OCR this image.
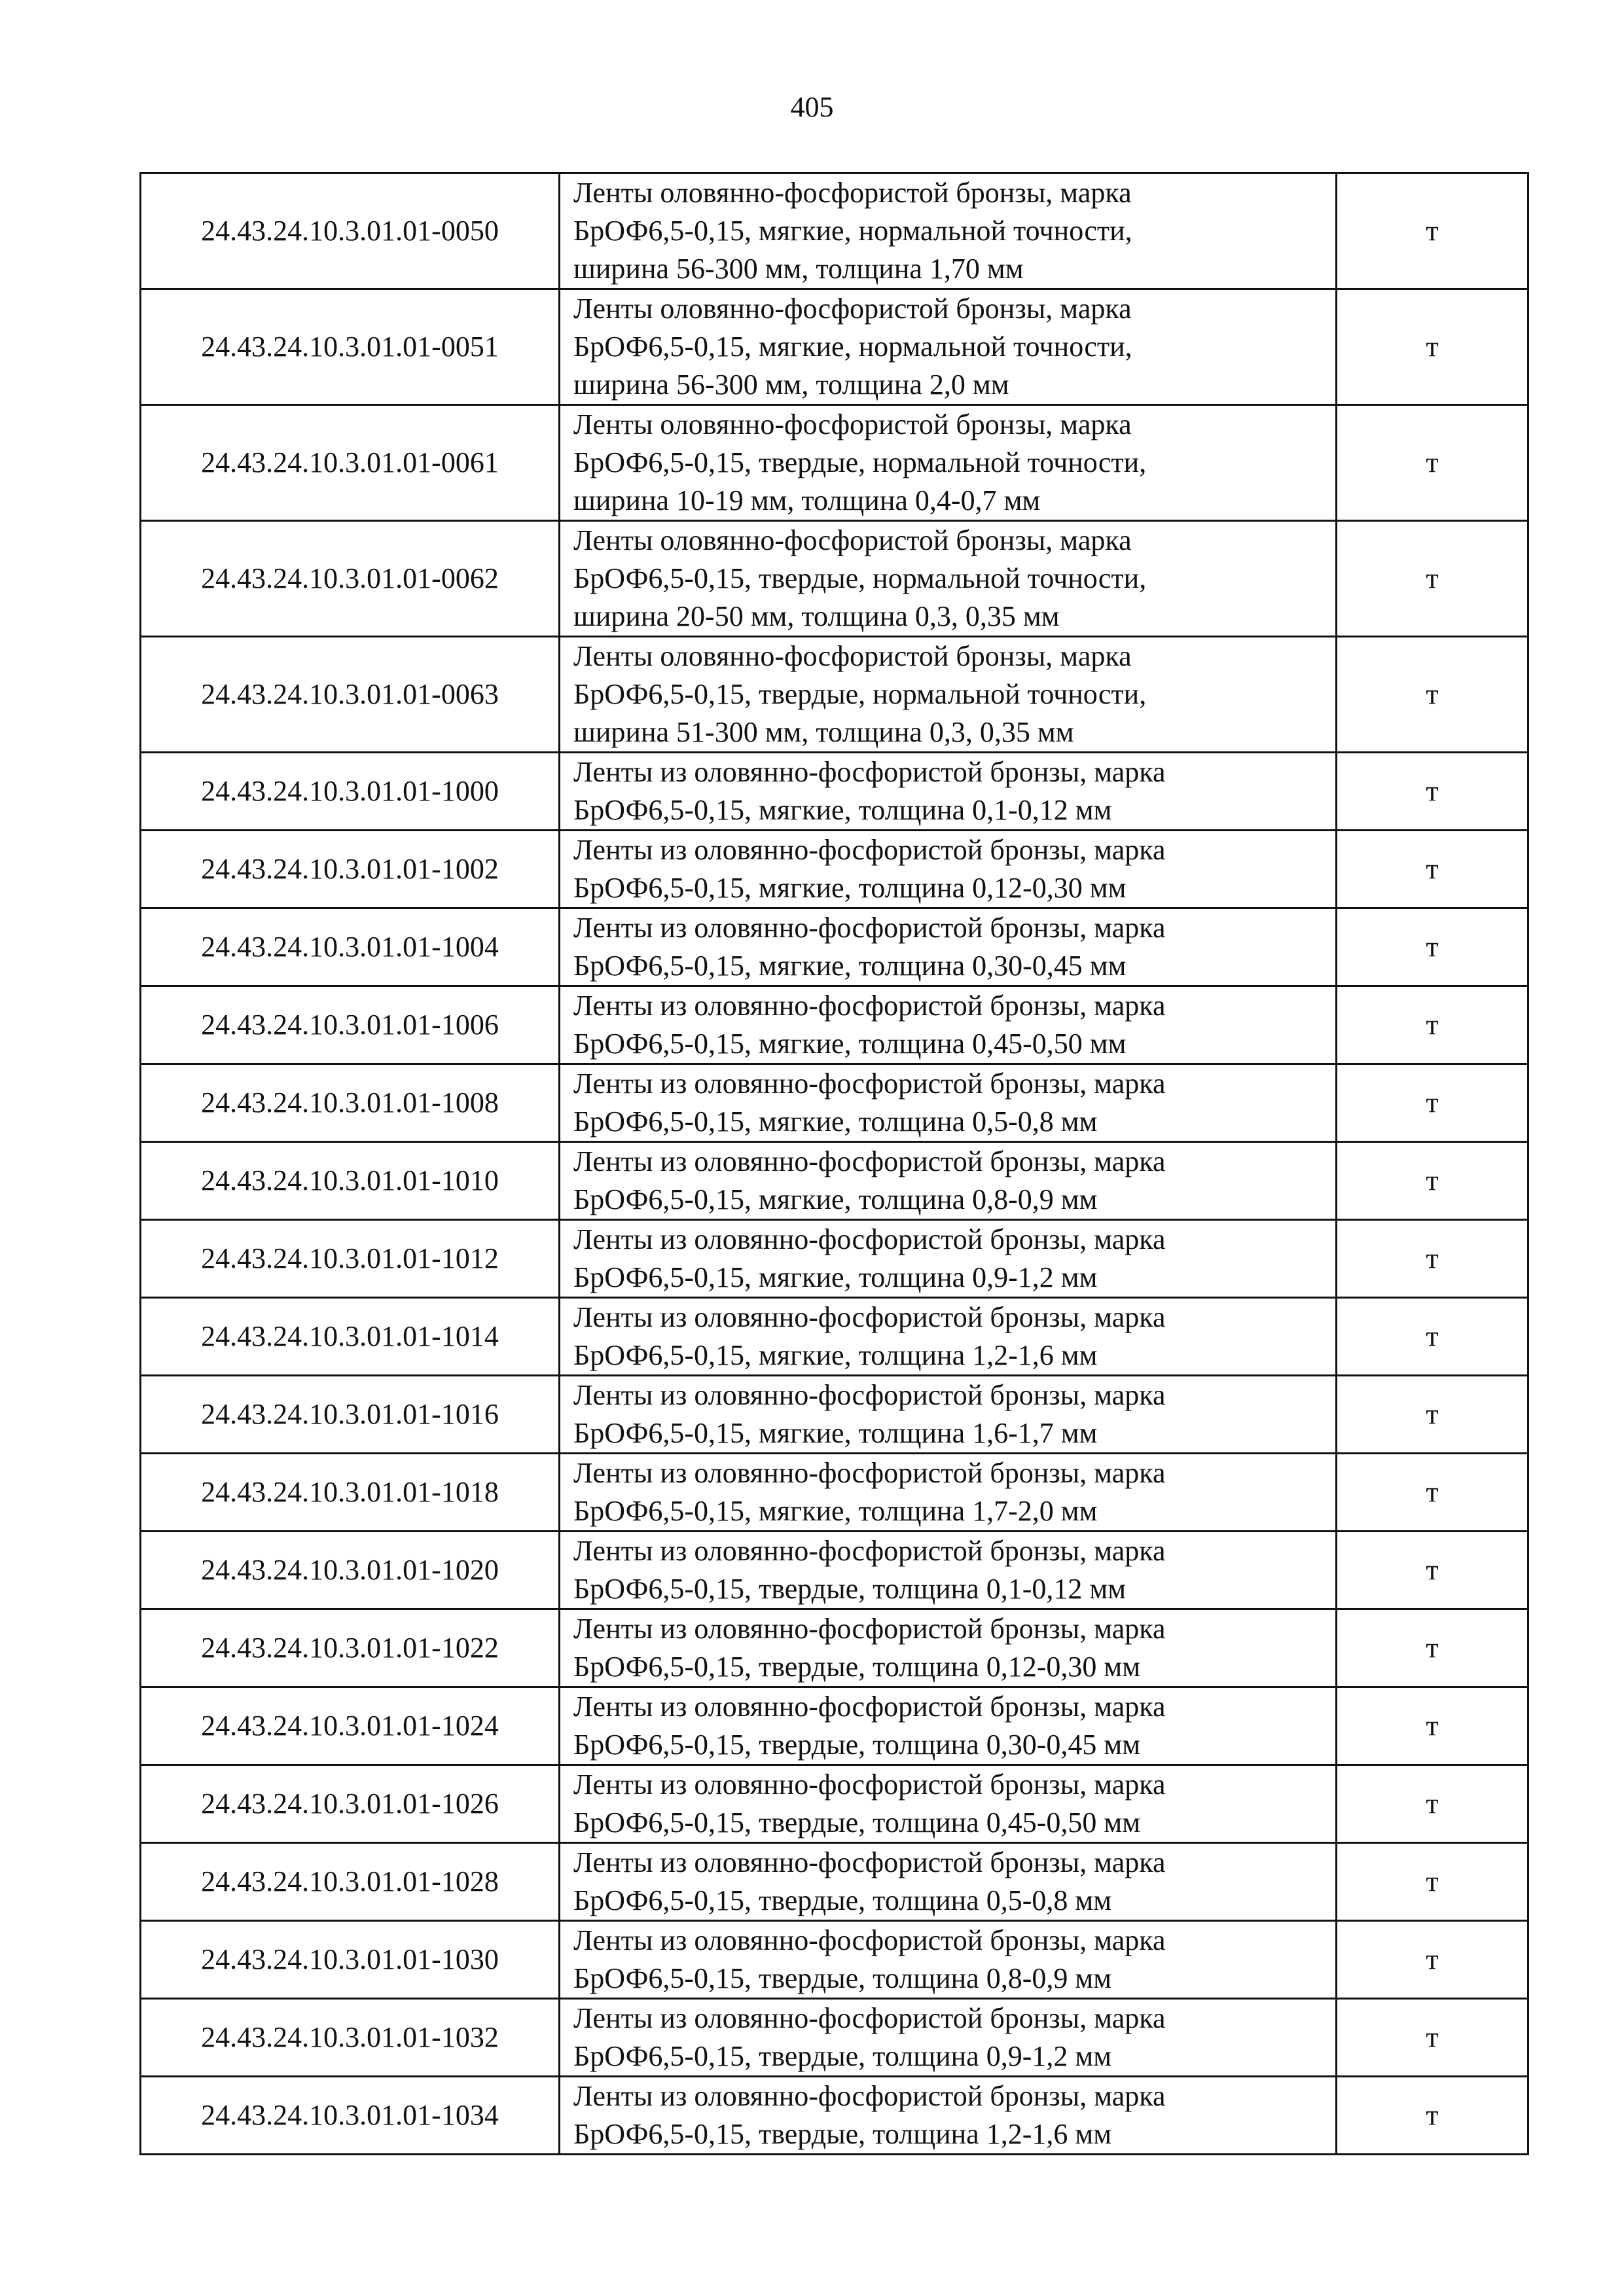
405
24.43.24.10.3.01.01-0050	Ленты оловянно-фосфористой бронзы, марка
БрОФ6,5-0,15, мягкие, нормальной точности,
ширина 56-300 мм, толщина 1,70 мм	т
24.43.24.10.3.01.01-0051	Ленты оловянно-фосфористой бронзы, марка
БрОФ6,5-0,15, мягкие, нормальной точности,
ширина 56-300 мм, толщина 2,0 мм	т
24.43.24.10.3.01.01-0061	Ленты оловянно-фосфористой бронзы, марка
БрОФ6,5-0,15, твердые, нормальной точности,
ширина 10-19 мм, толщина 0,4-0,7 мм	т
24.43.24.10.3.01.01-0062	Ленты оловянно-фосфористой бронзы, марка
БрОФ6,5-0,15, твердые, нормальной точности,
ширина 20-50 мм, толщина 0,3, 0,35 мм	т
24.43.24.10.3.01.01-0063	Ленты оловянно-фосфористой бронзы, марка
БрОФ6,5-0,15, твердые, нормальной точности,
ширина 51-300 мм, толщина 0,3, 0,35 мм	т
24.43.24.10.3.01.01-1000	Ленты из оловянно-фосфористой бронзы, марка
БрОФ6,5-0,15, мягкие, толщина 0,1-0,12 мм	т
24.43.24.10.3.01.01-1002	Ленты из оловянно-фосфористой бронзы, марка
БрОФ6,5-0,15, мягкие, толщина 0,12-0,30 мм	т
24.43.24.10.3.01.01-1004	Ленты из оловянно-фосфористой бронзы, марка
БрОФ6,5-0,15, мягкие, толщина 0,30-0,45 мм	т
24.43.24.10.3.01.01-1006	Ленты из оловянно-фосфористой бронзы, марка
БрОФ6,5-0,15, мягкие, толщина 0,45-0,50 мм	т
24.43.24.10.3.01.01-1008	Ленты из оловянно-фосфористой бронзы, марка
БрОФ6,5-0,15, мягкие, толщина 0,5-0,8 мм	т
24.43.24.10.3.01.01-1010	Ленты из оловянно-фосфористой бронзы, марка
БрОФ6,5-0,15, мягкие, толщина 0,8-0,9 мм	т
24.43.24.10.3.01.01-1012	Ленты из оловянно-фосфористой бронзы, марка
БрОФ6,5-0,15, мягкие, толщина 0,9-1,2 мм	т
24.43.24.10.3.01.01-1014	Ленты из оловянно-фосфористой бронзы, марка
БрОФ6,5-0,15, мягкие, толщина 1,2-1,6 мм	т
24.43.24.10.3.01.01-1016	Ленты из оловянно-фосфористой бронзы, марка
БрОФ6,5-0,15, мягкие, толщина 1,6-1,7 мм	т
24.43.24.10.3.01.01-1018	Ленты из оловянно-фосфористой бронзы, марка
БрОФ6,5-0,15, мягкие, толщина 1,7-2,0 мм	т
24.43.24.10.3.01.01-1020	Ленты из оловянно-фосфористой бронзы, марка
БрОФ6,5-0,15, твердые, толщина 0,1-0,12 мм	т
24.43.24.10.3.01.01-1022	Ленты из оловянно-фосфористой бронзы, марка
БрОФ6,5-0,15, твердые, толщина 0,12-0,30 мм	т
24.43.24.10.3.01.01-1024	Ленты из оловянно-фосфористой бронзы, марка
БрОФ6,5-0,15, твердые, толщина 0,30-0,45 мм	т
24.43.24.10.3.01.01-1026	Ленты из оловянно-фосфористой бронзы, марка
БрОФ6,5-0,15, твердые, толщина 0,45-0,50 мм	т
24.43.24.10.3.01.01-1028	Ленты из оловянно-фосфористой бронзы, марка
БрОФ6,5-0,15, твердые, толщина 0,5-0,8 мм	т
24.43.24.10.3.01.01-1030	Ленты из оловянно-фосфористой бронзы, марка
БрОФ6,5-0,15, твердые, толщина 0,8-0,9 мм	т
24.43.24.10.3.01.01-1032	Ленты из оловянно-фосфористой бронзы, марка
БрОФ6,5-0,15, твердые, толщина 0,9-1,2 мм	т
24.43.24.10.3.01.01-1034	Ленты из оловянно-фосфористой бронзы, марка
БрОФ6,5-0,15, твердые, толщина 1,2-1,6 мм	т
